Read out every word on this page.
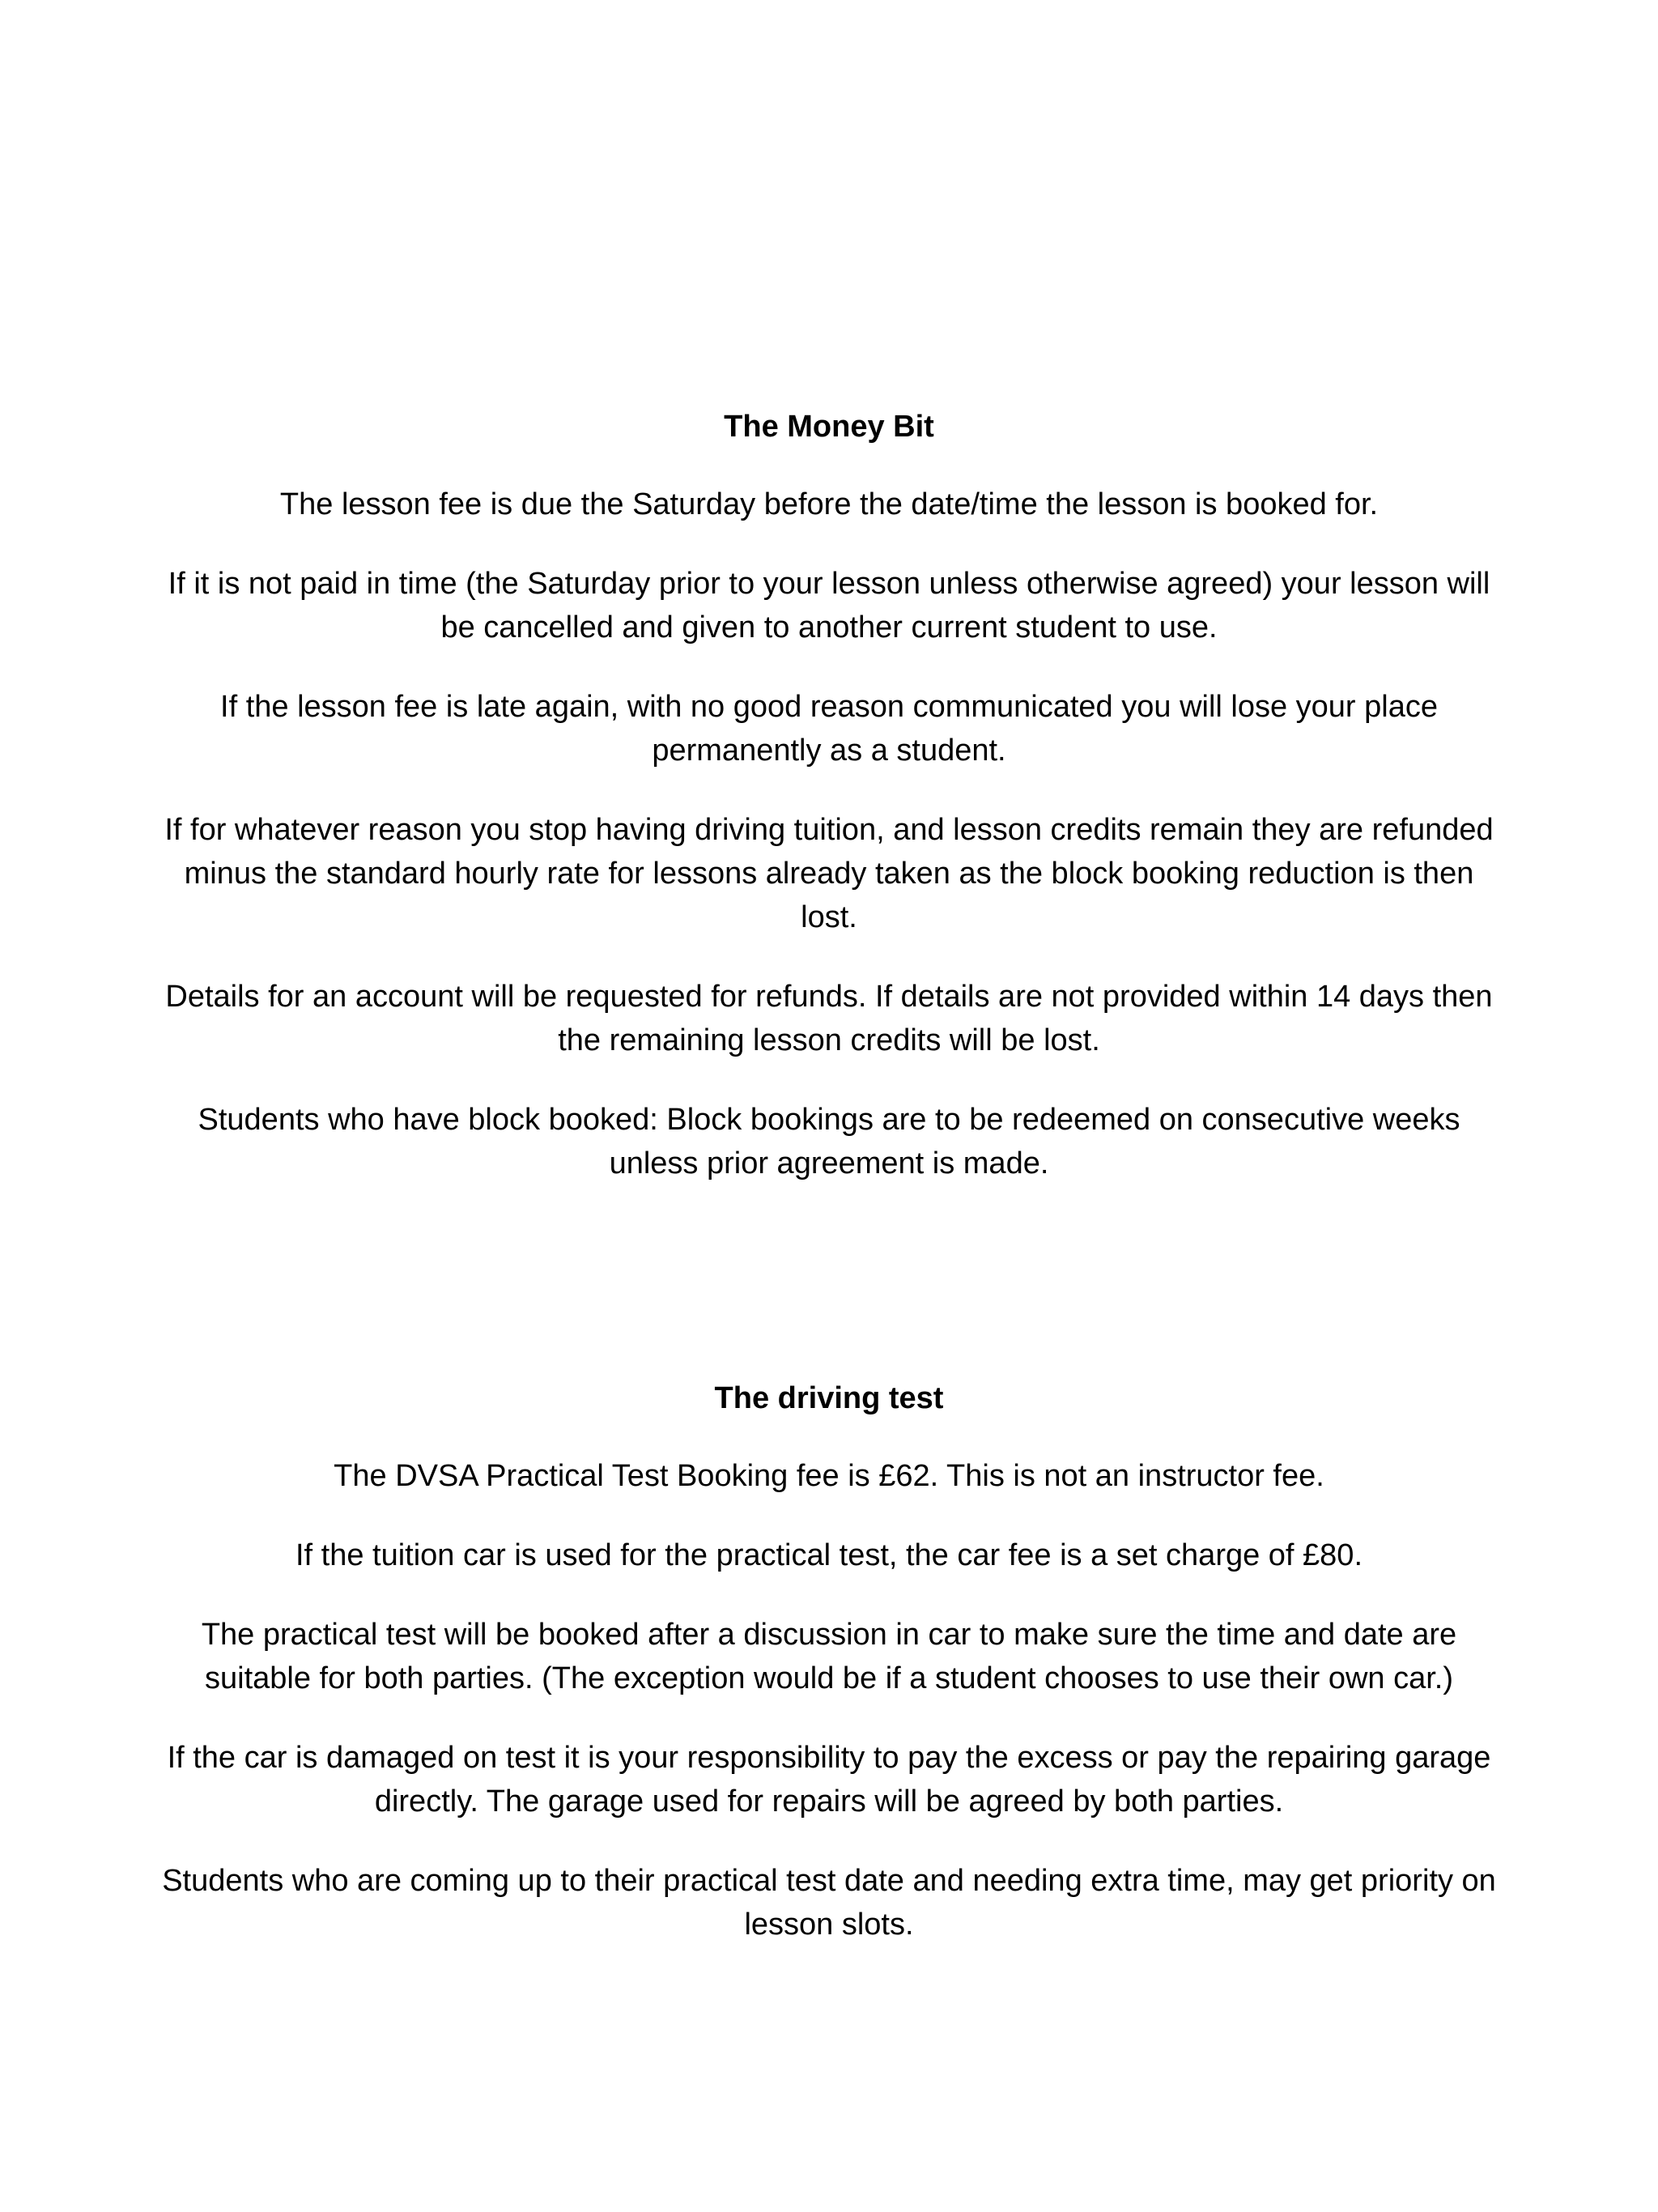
The Money Bit

The lesson fee is due the Saturday before the date/time the lesson is booked for.

If it is not paid in time (the Saturday prior to your lesson unless otherwise agreed) your lesson will be cancelled and given to another current student to use.

If the lesson fee is late again, with no good reason communicated you will lose your place permanently as a student.

If for whatever reason you stop having driving tuition, and lesson credits remain they are refunded minus the standard hourly rate for lessons already taken as the block booking reduction is then lost.

Details for an account will be requested for refunds. If details are not provided within 14 days then the remaining lesson credits will be lost.

Students who have block booked: Block bookings are to be redeemed on consecutive weeks unless prior agreement is made.

The driving test

The DVSA Practical Test Booking fee is £62. This is not an instructor fee.

If the tuition car is used for the practical test, the car fee is a set charge of £80.

The practical test will be booked after a discussion in car to make sure the time and date are suitable for both parties. (The exception would be if a student chooses to use their own car.)

If the car is damaged on test it is your responsibility to pay the excess or pay the repairing garage directly. The garage used for repairs will be agreed by both parties.

Students who are coming up to their practical test date and needing extra time, may get priority on lesson slots.
